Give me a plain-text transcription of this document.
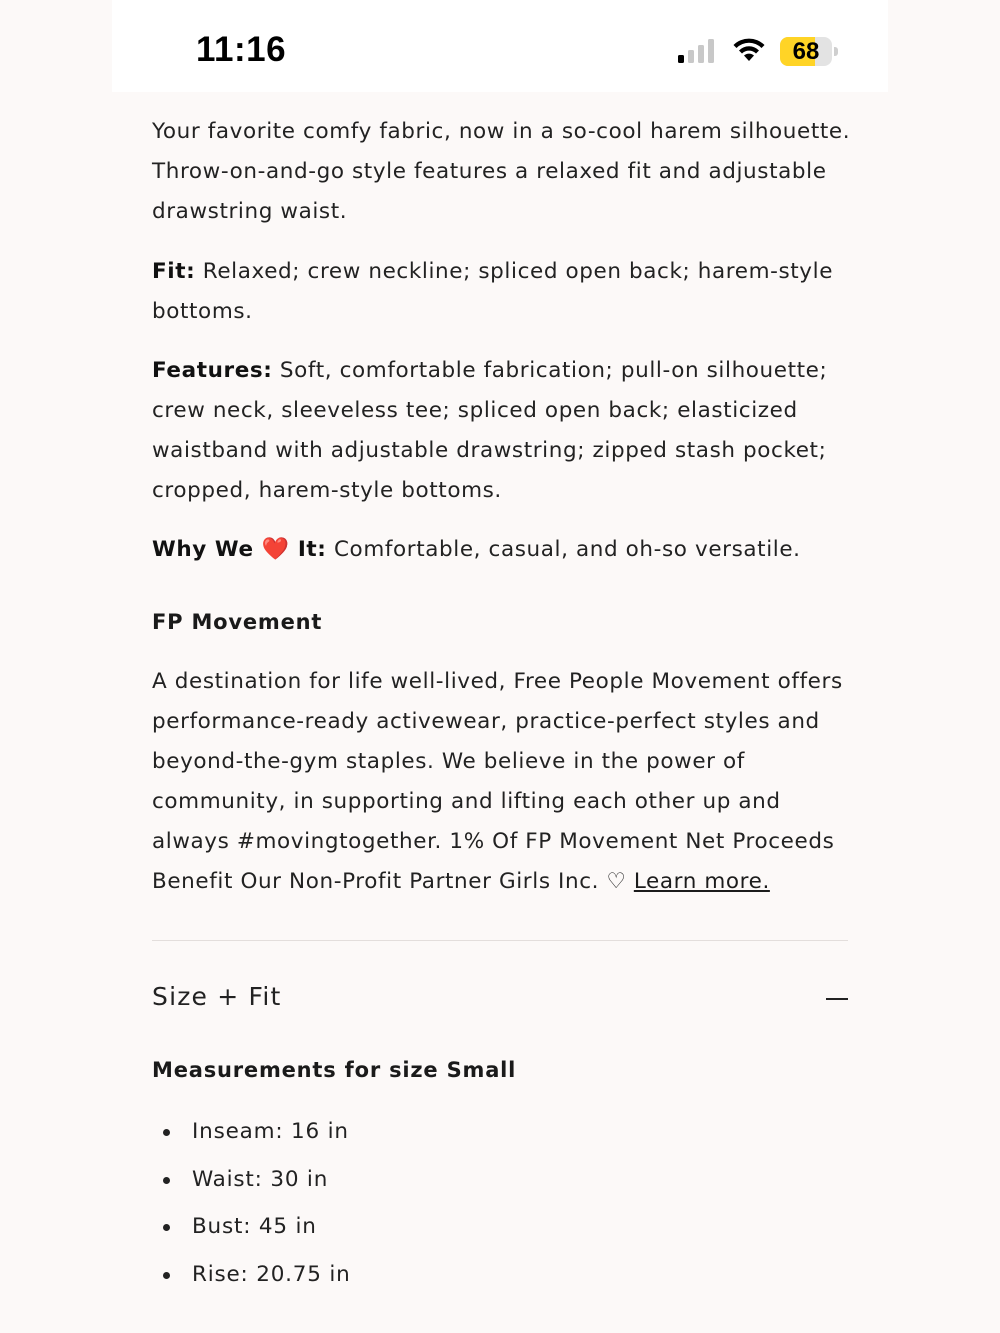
11:16	68

Your favorite comfy fabric, now in a so-cool harem silhouette. Throw-on-and-go style features a relaxed fit and adjustable drawstring waist.

Fit: Relaxed; crew neckline; spliced open back; harem-style bottoms.

Features: Soft, comfortable fabrication; pull-on silhouette; crew neck, sleeveless tee; spliced open back; elasticized waistband with adjustable drawstring; zipped stash pocket; cropped, harem-style bottoms.

Why We ❤️ It: Comfortable, casual, and oh-so versatile.

FP Movement

A destination for life well-lived, Free People Movement offers performance-ready activewear, practice-perfect styles and beyond-the-gym staples. We believe in the power of community, in supporting and lifting each other up and always #movingtogether. 1% Of FP Movement Net Proceeds Benefit Our Non-Profit Partner Girls Inc. ♡ Learn more.

Size + Fit
Measurements for size Small
Inseam: 16 in
Waist: 30 in
Bust: 45 in
Rise: 20.75 in
